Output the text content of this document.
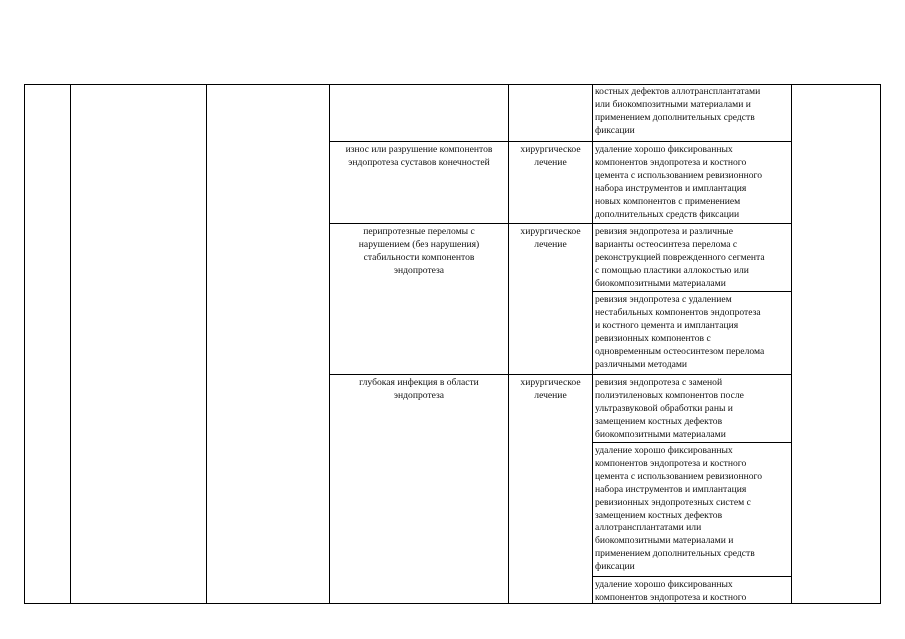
костных дефектов аллотрансплантатами
или биокомпозитными материалами и
применением дополнительных средств
фиксации
износ или разрушение компонентов
эндопротеза суставов конечностей
хирургическое
лечение
удаление хорошо фиксированных
компонентов эндопротеза и костного
цемента с использованием ревизионного
набора инструментов и имплантация
новых компонентов с применением
дополнительных средств фиксации
перипротезные переломы с
нарушением (без нарушения)
стабильности компонентов
эндопротеза
хирургическое
лечение
ревизия эндопротеза и различные
варианты остеосинтеза перелома с
реконструкцией поврежденного сегмента
с помощью пластики аллокостью или
биокомпозитными материалами
ревизия эндопротеза с удалением
нестабильных компонентов эндопротеза
и костного цемента и имплантация
ревизионных компонентов с
одновременным остеосинтезом перелома
различными методами
глубокая инфекция в области
эндопротеза
хирургическое
лечение
ревизия эндопротеза с заменой
полиэтиленовых компонентов после
ультразвуковой обработки раны и
замещением костных дефектов
биокомпозитными материалами
удаление хорошо фиксированных
компонентов эндопротеза и костного
цемента с использованием ревизионного
набора инструментов и имплантация
ревизионных эндопротезных систем с
замещением костных дефектов
аллотрансплантатами или
биокомпозитными материалами и
применением дополнительных средств
фиксации
удаление хорошо фиксированных
компонентов эндопротеза и костного
